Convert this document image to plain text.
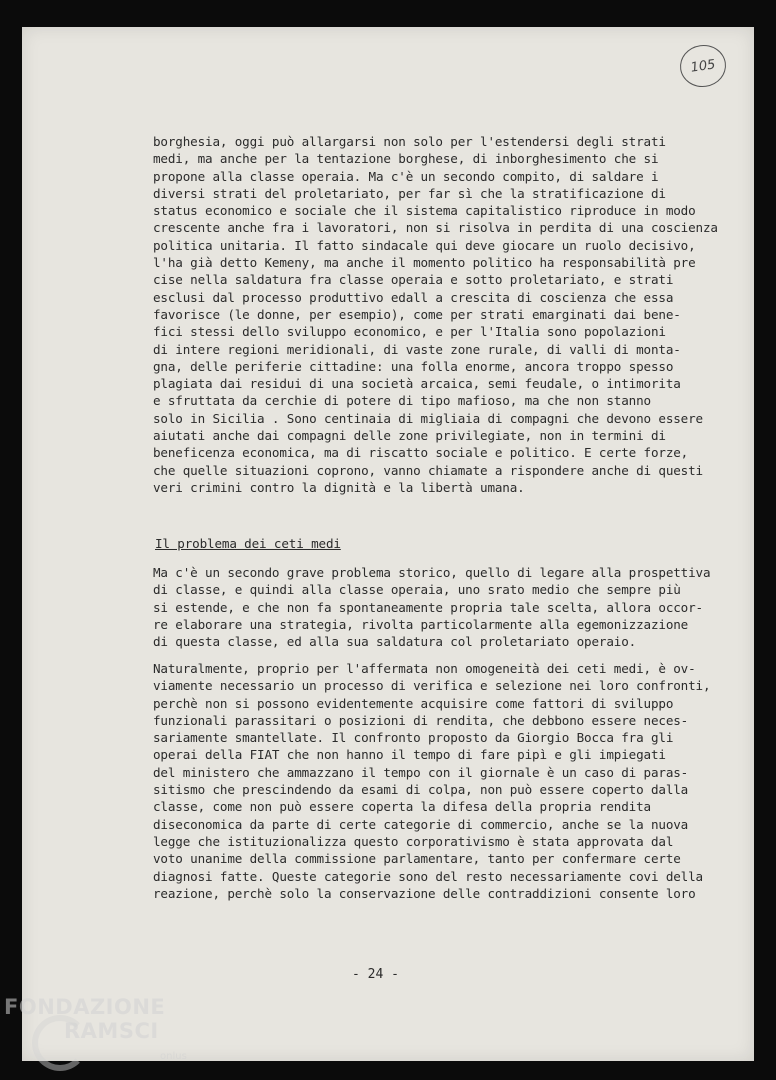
105
borghesia, oggi può allargarsi non solo per l'estendersi degli strati
medi, ma anche per la tentazione borghese, di inborghesimento che si
propone alla classe operaia. Ma c'è un secondo compito, di saldare i
diversi strati del proletariato, per far sì che la stratificazione di
status economico e sociale che il sistema capitalistico riproduce in modo
crescente anche fra i lavoratori, non si risolva in perdita di una coscienza
politica unitaria. Il fatto sindacale qui deve giocare un ruolo decisivo,
l'ha già detto Kemeny, ma anche il momento politico ha responsabilità pre
cise nella saldatura fra classe operaia e sotto proletariato, e strati
esclusi dal processo produttivo edall a crescita di coscienza che essa
favorisce (le donne, per esempio), come per strati emarginati dai bene-
fici stessi dello sviluppo economico, e per l'Italia sono popolazioni
di intere regioni meridionali, di vaste zone rurale, di valli di monta-
gna, delle periferie cittadine: una folla enorme, ancora troppo spesso
plagiata dai residui di una società arcaica, semi feudale, o intimorita
e sfruttata da cerchie di potere di tipo mafioso, ma che non stanno
solo in Sicilia . Sono centinaia di migliaia di compagni che devono essere
aiutati anche dai compagni delle zone privilegiate, non in termini di
beneficenza economica, ma di riscatto sociale e politico. E certe forze,
che quelle situazioni coprono, vanno chiamate a rispondere anche di questi
veri crimini contro la dignità e la libertà umana.
Il problema dei ceti medi
Ma c'è un secondo grave problema storico, quello di legare alla prospettiva
di classe, e quindi alla classe operaia, uno srato medio che sempre più
si estende, e che non fa spontaneamente propria tale scelta, allora occor-
re elaborare una strategia, rivolta particolarmente alla egemonizzazione
di questa classe, ed alla sua saldatura col proletariato operaio.
Naturalmente, proprio per l'affermata non omogeneità dei ceti medi, è ov-
viamente necessario un processo di verifica e selezione nei loro confronti,
perchè non si possono evidentemente acquisire come fattori di sviluppo
funzionali parassitari o posizioni di rendita, che debbono essere neces-
sariamente smantellate. Il confronto proposto da Giorgio Bocca fra gli
operai della FIAT che non hanno il tempo di fare pipì e gli impiegati
del ministero che ammazzano il tempo con il giornale è un caso di paras-
sitismo che prescindendo da esami di colpa, non può essere coperto dalla
classe, come non può essere coperta la difesa della propria rendita
diseconomica da parte di certe categorie di commercio, anche se la nuova
legge che istituzionalizza questo corporativismo è stata approvata dal
voto unanime della commissione parlamentare, tanto per confermare certe
diagnosi fatte. Queste categorie sono del resto necessariamente covi della
reazione, perchè solo la conservazione delle contraddizioni consente loro
- 24 -
FONDAZIONE
RAMSCI
onlus
